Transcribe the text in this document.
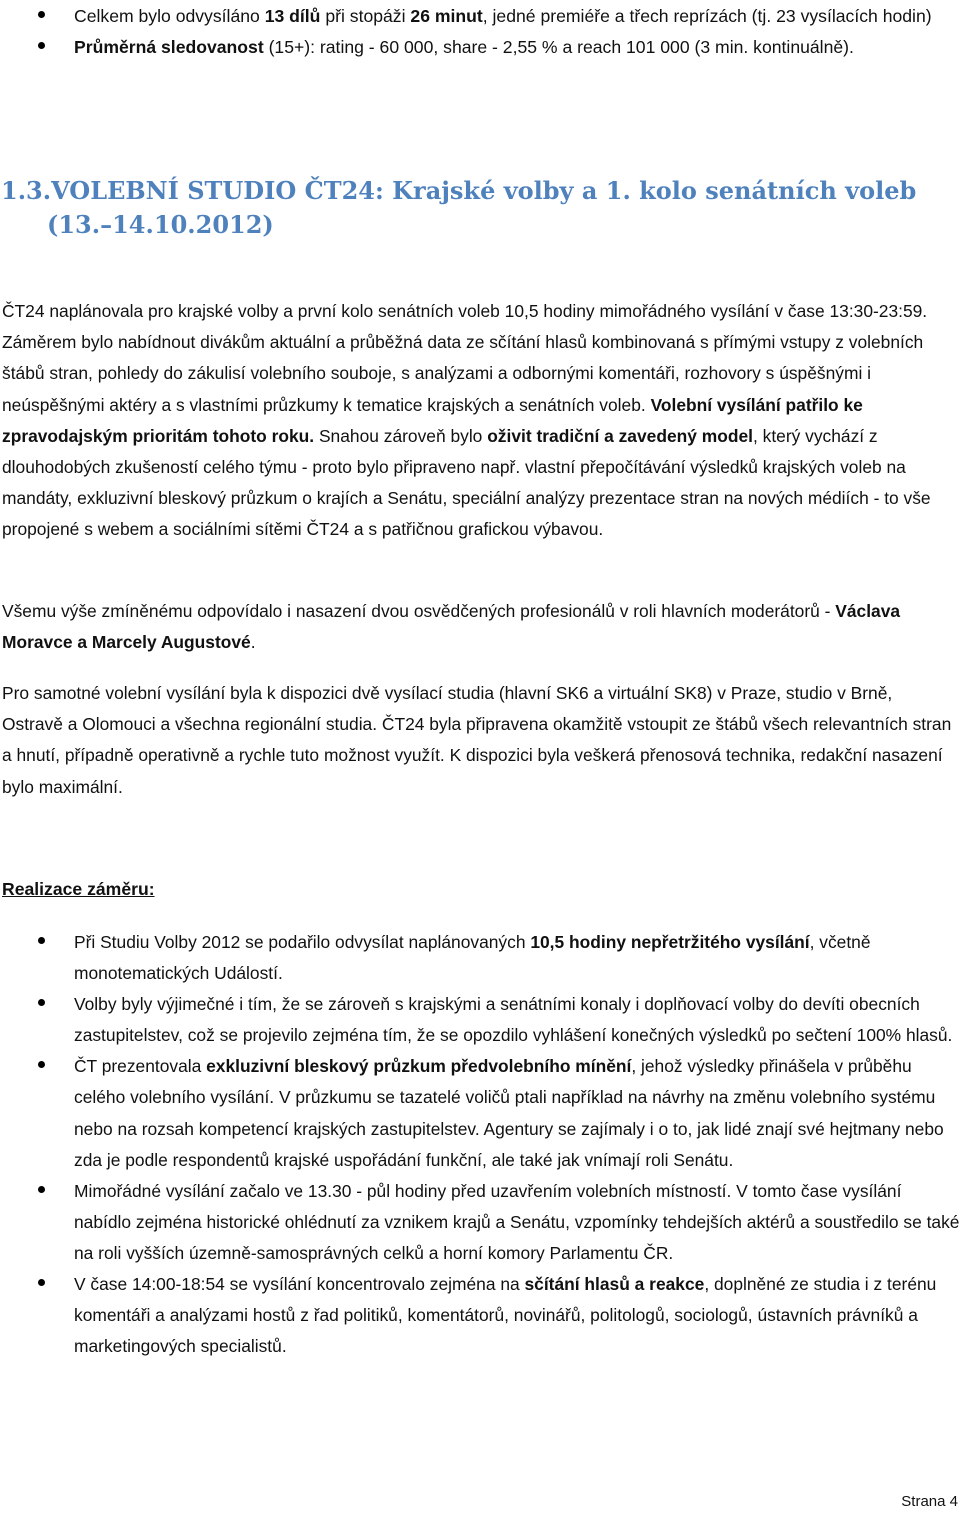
Celkem bylo odvysíláno 13 dílů při stopáži 26 minut, jedné premiéře a třech reprízách (tj. 23 vysílacích hodin)
Průměrná sledovanost (15+): rating - 60 000, share - 2,55 % a reach 101 000 (3 min. kontinuálně).
1.3.VOLEBNÍ STUDIO ČT24: Krajské volby a 1. kolo senátních voleb
(13.–14.10.2012)

ČT24 naplánovala pro krajské volby a první kolo senátních voleb 10,5 hodiny mimořádného vysílání v čase 13:30-23:59. Záměrem bylo nabídnout divákům aktuální a průběžná data ze sčítání hlasů kombinovaná s přímými vstupy z volebních štábů stran, pohledy do zákulisí volebního souboje, s analýzami a odbornými komentáři, rozhovory s úspěšnými i neúspěšnými aktéry a s vlastními průzkumy k tematice krajských a senátních voleb. Volební vysílání patřilo ke zpravodajským prioritám tohoto roku. Snahou zároveň bylo oživit tradiční a zavedený model, který vychází z dlouhodobých zkušeností celého týmu - proto bylo připraveno např. vlastní přepočítávání výsledků krajských voleb na mandáty, exkluzivní bleskový průzkum o krajích a Senátu, speciální analýzy prezentace stran na nových médiích - to vše propojené s webem a sociálními sítěmi ČT24 a s patřičnou grafickou výbavou.

Všemu výše zmíněnému odpovídalo i nasazení dvou osvědčených profesionálů v roli hlavních moderátorů - Václava Moravce a Marcely Augustové.

Pro samotné volební vysílání byla k dispozici dvě vysílací studia (hlavní SK6 a virtuální SK8) v Praze, studio v Brně, Ostravě a Olomouci a všechna regionální studia. ČT24 byla připravena okamžitě vstoupit ze štábů všech relevantních stran a hnutí, případně operativně a rychle tuto možnost využít. K dispozici byla veškerá přenosová technika, redakční nasazení bylo maximální.

Realizace záměru:
Při Studiu Volby 2012 se podařilo odvysílat naplánovaných 10,5 hodiny nepřetržitého vysílání, včetně monotematických Událostí.
Volby byly výjimečné i tím, že se zároveň s krajskými a senátními konaly i doplňovací volby do devíti obecních zastupitelstev, což se projevilo zejména tím, že se opozdilo vyhlášení konečných výsledků po sečtení 100% hlasů.
ČT prezentovala exkluzivní bleskový průzkum předvolebního mínění, jehož výsledky přinášela v průběhu celého volebního vysílání. V průzkumu se tazatelé voličů ptali například na návrhy na změnu volebního systému nebo na rozsah kompetencí krajských zastupitelstev. Agentury se zajímaly i o to, jak lidé znají své hejtmany nebo zda je podle respondentů krajské uspořádání funkční, ale také jak vnímají roli Senátu.
Mimořádné vysílání začalo ve 13.30 - půl hodiny před uzavřením volebních místností. V tomto čase vysílání nabídlo zejména historické ohlédnutí za vznikem krajů a Senátu, vzpomínky tehdejších aktérů a soustředilo se také na roli vyšších územně-samosprávných celků a horní komory Parlamentu ČR.
V čase 14:00-18:54 se vysílání koncentrovalo zejména na sčítání hlasů a reakce, doplněné ze studia i z terénu komentáři a analýzami hostů z řad politiků, komentátorů, novinářů, politologů, sociologů, ústavních právníků a marketingových specialistů.
Strana 4
